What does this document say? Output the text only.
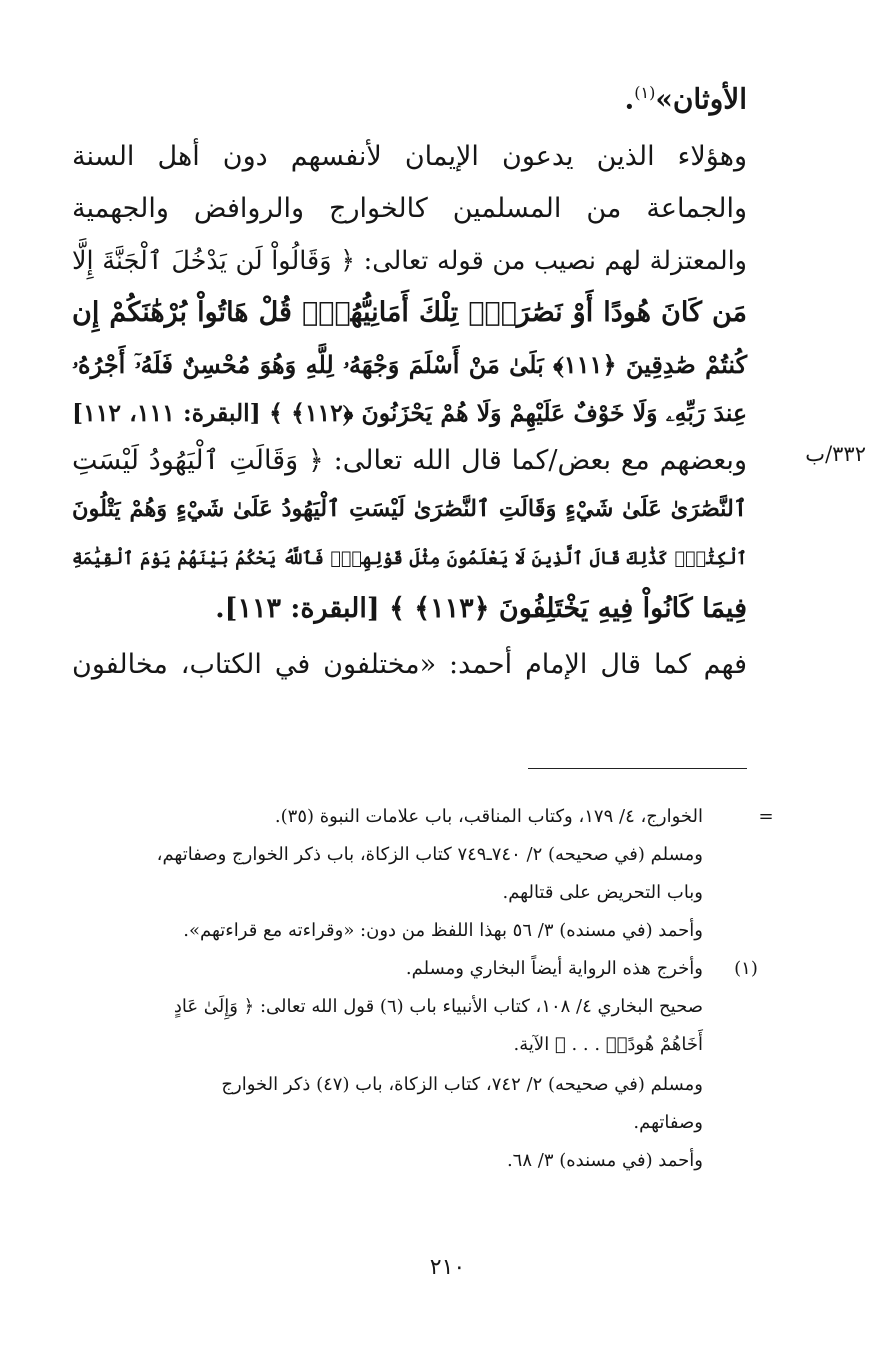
الأوثان»$^{(١)}$.
وهؤلاء الذين يدعون الإيمان لأنفسهم دون أهل السنة
والجماعة من المسلمين كالخوارج والروافض والجهمية
والمعتزلة لهم نصيب من قوله تعالى: ﴿ وَقَالُواْ لَن يَدْخُلَ ٱلْجَنَّةَ إِلَّا
مَن كَانَ هُودًا أَوْ نَصَٰرَىٰۗ تِلْكَ أَمَانِيُّهُمْۗ قُلْ هَاتُواْ بُرْهَٰنَكُمْ إِن
كُنتُمْ صَٰدِقِينَ ﴿١١١﴾ بَلَىٰ مَنْ أَسْلَمَ وَجْهَهُۥ لِلَّهِ وَهُوَ مُحْسِنٌ فَلَهُۥٓ أَجْرُهُۥ
عِندَ رَبِّهِۦ وَلَا خَوْفٌ عَلَيْهِمْ وَلَا هُمْ يَحْزَنُونَ ﴿١١٢﴾ ﴾ [البقرة: ١١١، ١١٢]
وبعضهم مع بعض/كما قال الله تعالى: ﴿ وَقَالَتِ ٱلْيَهُودُ لَيْسَتِ
ٱلنَّصَٰرَىٰ عَلَىٰ شَيْءٍ وَقَالَتِ ٱلنَّصَٰرَىٰ لَيْسَتِ ٱلْيَهُودُ عَلَىٰ شَيْءٍ وَهُمْ يَتْلُونَ
ٱلْكِتَٰبَۗ كَذَٰلِكَ قَالَ ٱلَّذِينَ لَا يَعْلَمُونَ مِثْلَ قَوْلِهِمْۚ فَٱللَّهُ يَحْكُمُ بَيْنَهُمْ يَوْمَ ٱلْقِيَٰمَةِ
فِيمَا كَانُواْ فِيهِ يَخْتَلِفُونَ ﴿١١٣﴾ ﴾ [البقرة: ١١٣].
فهم كما قال الإمام أحمد: «مختلفون في الكتاب، مخالفون
٣٣٢/ب
=
الخوارج، ٤/ ١٧٩، وكتاب المناقب، باب علامات النبوة (٣٥).
ومسلم (في صحيحه) ٢/ ٧٤٠ـ٧٤٩ كتاب الزكاة، باب ذكر الخوارج وصفاتهم،
وباب التحريض على قتالهم.
وأحمد (في مسنده) ٣/ ٥٦ بهذا اللفظ من دون: «وقراءته مع قراءتهم».
(١)
وأخرج هذه الرواية أيضاً البخاري ومسلم.
صحيح البخاري ٤/ ١٠٨، كتاب الأنبياء باب (٦) قول الله تعالى: ﴿ وَإِلَىٰ عَادٍ
أَخَاهُمْ هُودًاۚ . . . ﴾ الآية.
ومسلم (في صحيحه) ٢/ ٧٤٢، كتاب الزكاة، باب (٤٧) ذكر الخوارج
وصفاتهم.
وأحمد (في مسنده) ٣/ ٦٨.
٢١٠
